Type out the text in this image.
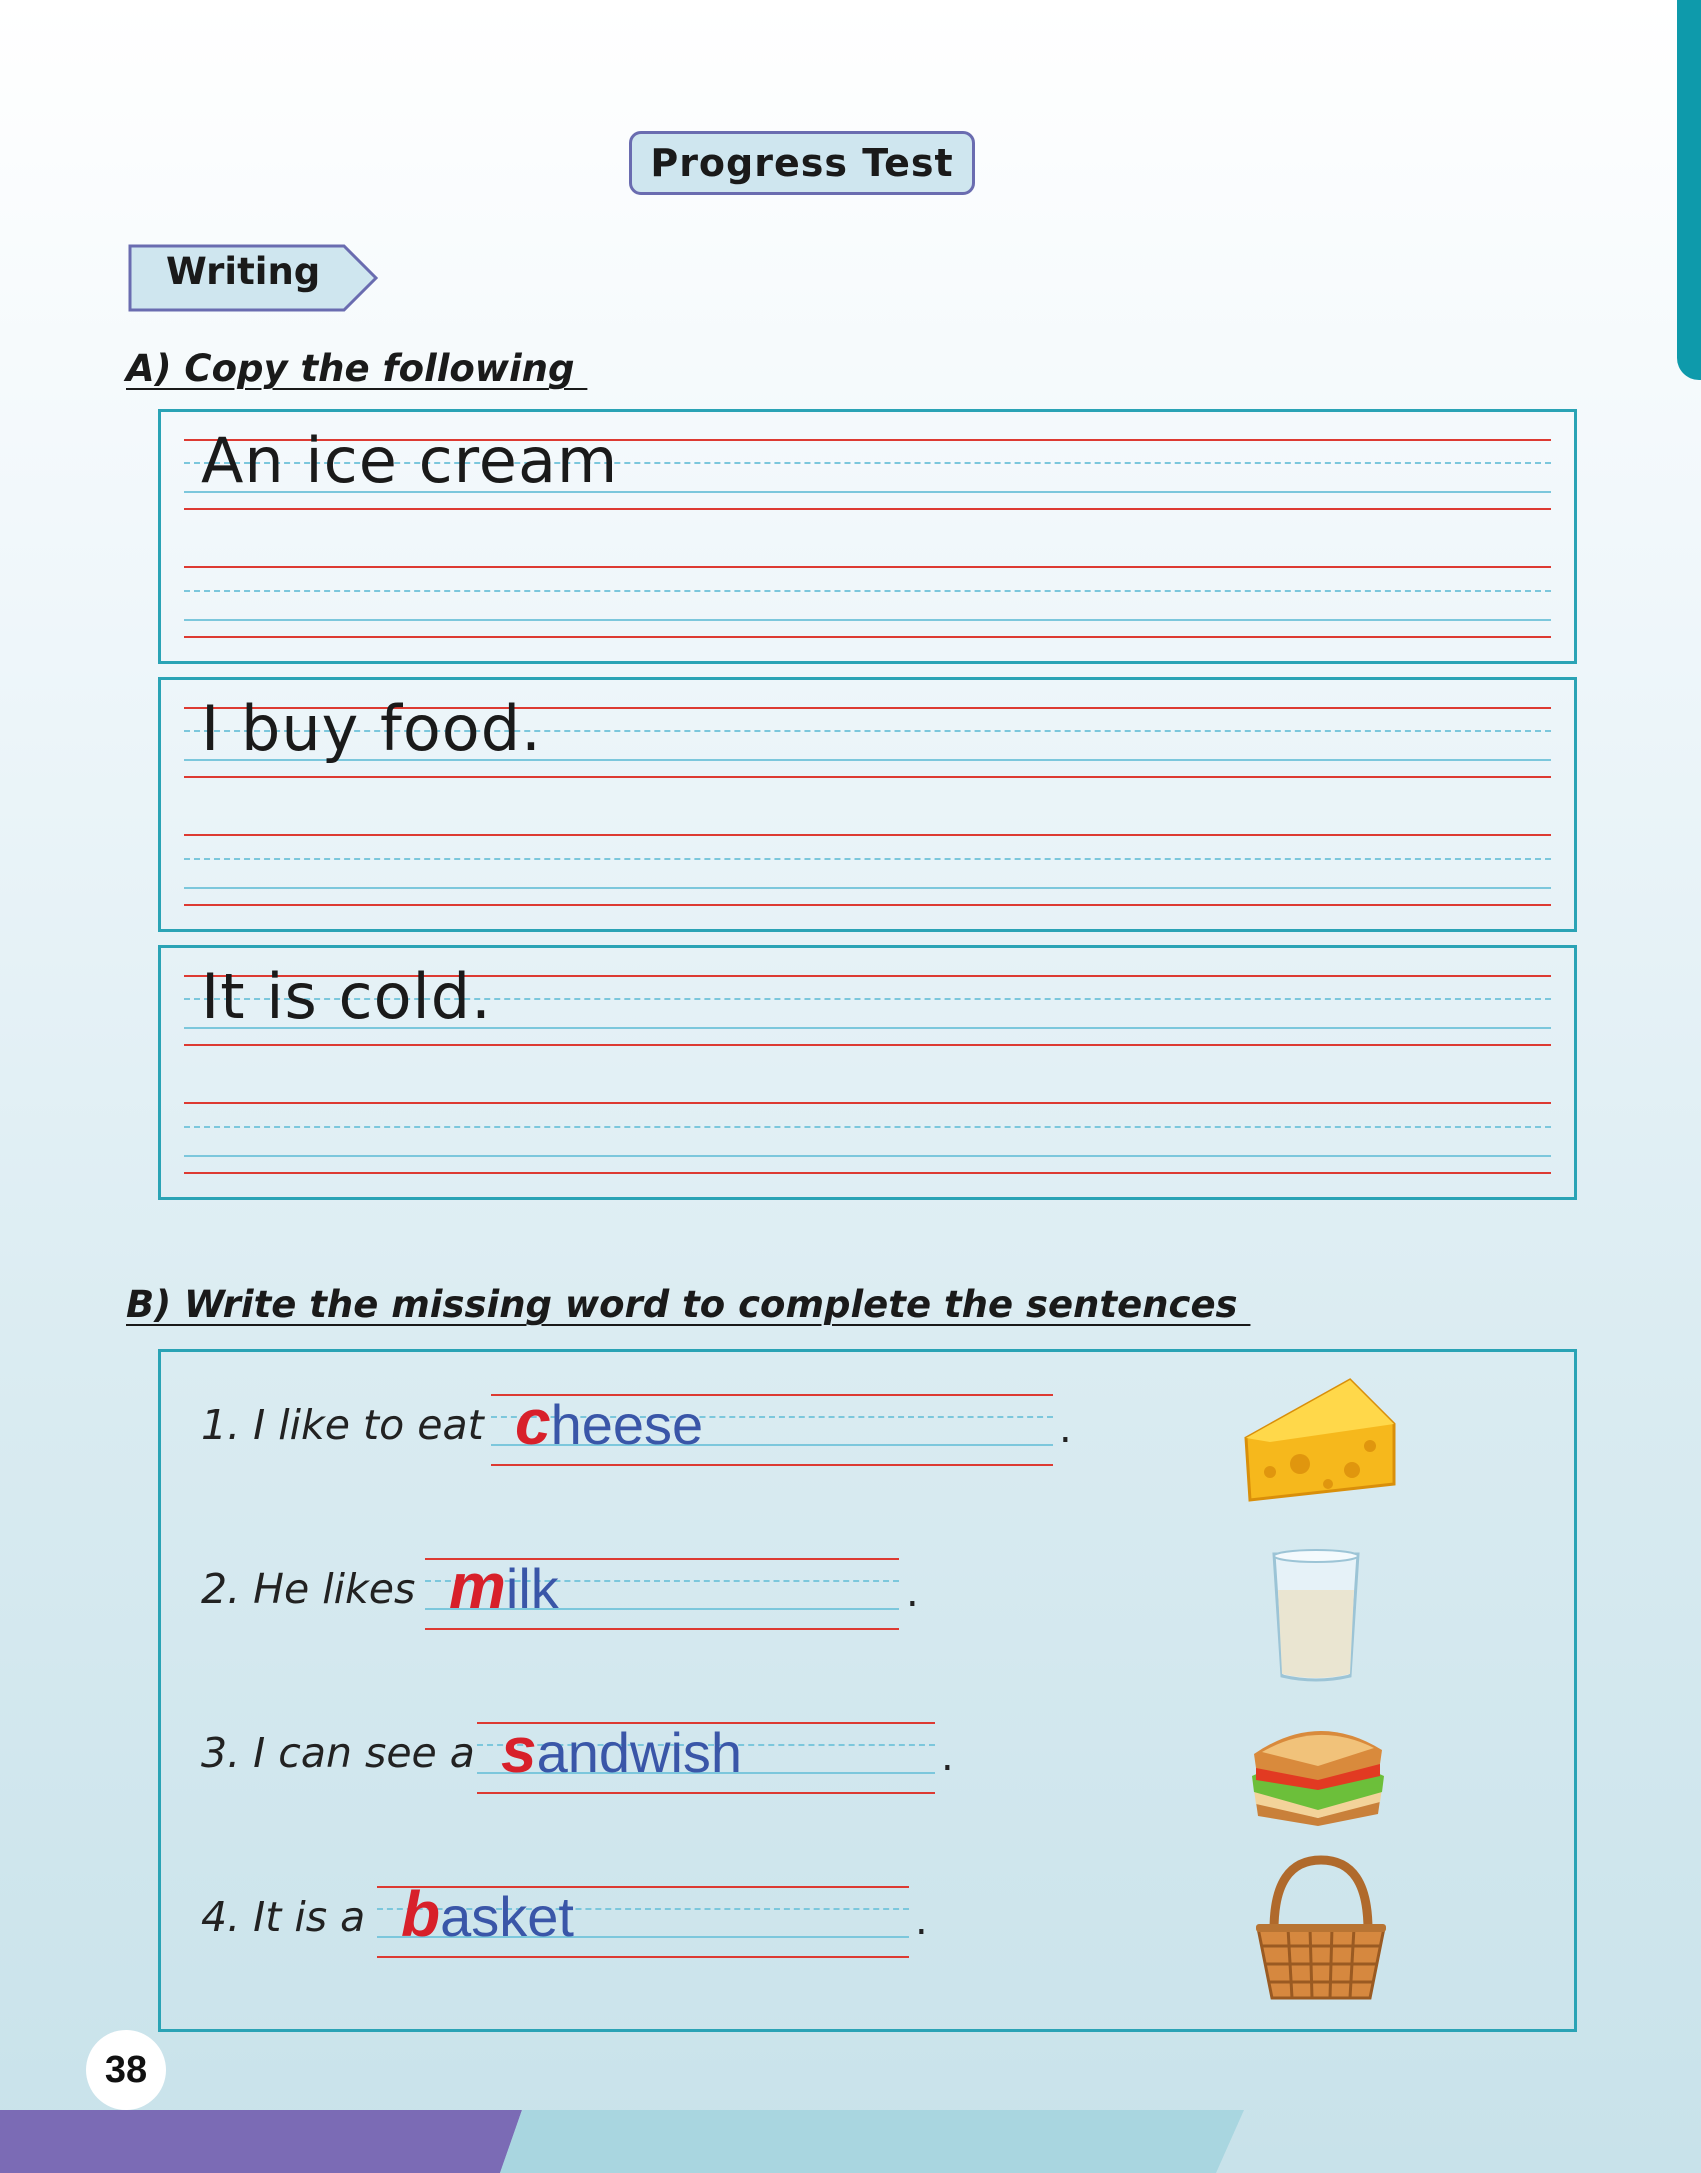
Progress Test
Writing
A) Copy the following
An ice cream
I buy food.
It is cold.
B) Write the missing word to complete the sentences
1. I like to eat cheese	.
2. He likes milk	.
3. I can see a sandwish	.
4. It is a basket	.
38
